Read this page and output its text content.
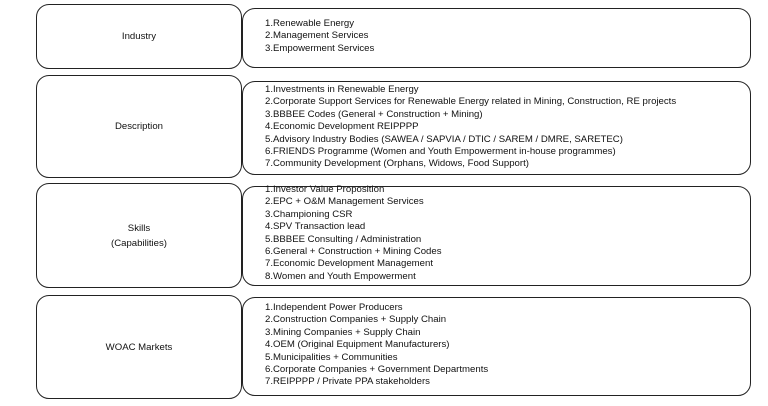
Industry
1.Renewable Energy
2.Management Services
3.Empowerment Services
Description
1.Investments in Renewable Energy
2.Corporate Support Services for Renewable Energy related in Mining, Construction, RE projects
3.BBBEE Codes (General + Construction + Mining)
4.Economic Development REIPPPP
5.Advisory Industry Bodies (SAWEA / SAPVIA / DTIC / SAREM / DMRE, SARETEC)
6.FRIENDS Programme (Women and Youth Empowerment in-house programmes)
7.Community Development (Orphans, Widows, Food Support)
Skills
(Capabilities)
1.Investor Value Proposition
2.EPC + O&M Management Services
3.Championing CSR
4.SPV Transaction lead
5.BBBEE Consulting / Administration
6.General + Construction + Mining Codes
7.Economic Development Management
8.Women and Youth Empowerment
WOAC Markets
1.Independent Power Producers
2.Construction Companies + Supply Chain
3.Mining Companies + Supply Chain
4.OEM (Original Equipment Manufacturers)
5.Municipalities + Communities
6.Corporate Companies + Government Departments
7.REIPPPP / Private PPA stakeholders
